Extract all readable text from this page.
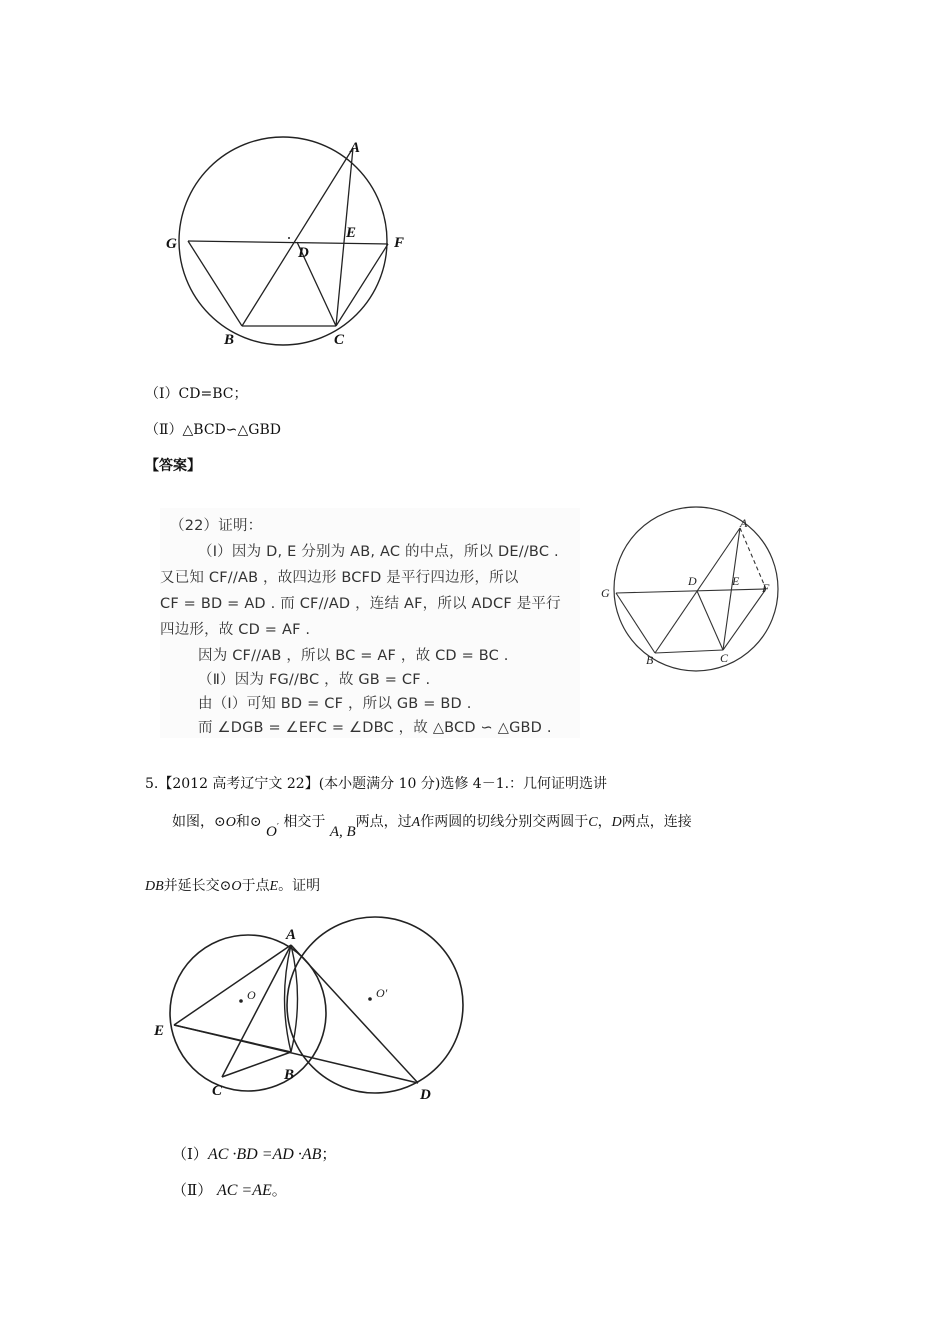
A
G
D
E
F
B	C
（Ⅰ）CD=BC；
（Ⅱ）△BCD∽△GBD
【答案】
（22）证明：
（Ⅰ）因为 D, E 分别为 AB, AC 的中点，所以 DE//BC .
又已知 CF//AB ，故四边形 BCFD 是平行四边形，所以
CF = BD = AD . 而 CF//AD ，连结 AF，所以 ADCF 是平行
四边形，故 CD = AF .
因为 CF//AB ，所以 BC = AF ，故 CD = BC .
（Ⅱ）因为 FG//BC ，故 GB = CF .
由（Ⅰ）可知 BD = CF ，所以 GB = BD .
而 ∠DGB = ∠EFC = ∠DBC ，故 △BCD ∽ △GBD .
A
G
D	E F
B	C
5.【2012 高考辽宁文 22】(本小题满分 10 分)选修 4－1.：几何证明选讲
如图，⊙O和⊙ $O'$ 相交于 A, B两点，过A作两圆的切线分别交两圆于C，D两点，连接
DB并延长交⊙O于点E。证明
A
E
C
B
D
O	O′
（Ⅰ）AC ·BD =AD ·AB；
（Ⅱ） AC =AE。
